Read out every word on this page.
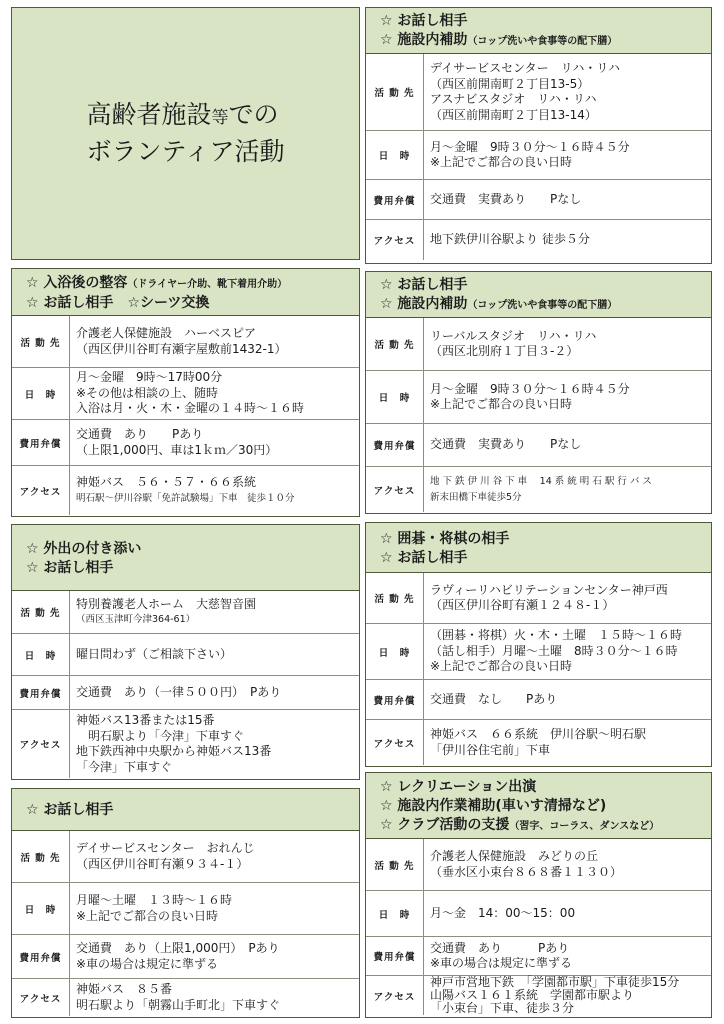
高齢者施設等での
ボランティア活動
☆ お話し相手
☆ 施設内補助（コップ洗いや食事等の配下膳）
活 動 先
デイサービスセンター　リハ・リハ
（西区前開南町２丁目13-5）
アスナビスタジオ　リハ・リハ
（西区前開南町２丁目13-14）
日　時
月～金曜　9時３０分～１６時４５分
※上記でご都合の良い日時
費用弁償	交通費　実費あり　　Pなし
アクセス	地下鉄伊川谷駅より 徒歩５分
☆ 入浴後の整容（ドライヤー介助、靴下着用介助）
☆ お話し相手　☆シーツ交換
活 動 先
介護老人保健施設　ハーベスピア
（西区伊川谷町有瀬字屋敷前1432-1）
日　時
月～金曜　9時～17時00分
※その他は相談の上、随時
入浴は月・火・木・金曜の１４時～１６時
費用弁償
交通費　あり　　Pあり
（上限1,000円、車は1ｋｍ／30円）
アクセス
神姫バス　５６・５７・６６系統
明石駅～伊川谷駅「免許試験場」下車　徒歩１０分
☆ お話し相手
☆ 施設内補助（コップ洗いや食事等の配下膳）
活 動 先
リーバルスタジオ　リハ・リハ
（西区北別府１丁目３-２）
日　時
月～金曜　9時３０分～１６時４５分
※上記でご都合の良い日時
費用弁償	交通費　実費あり　　Pなし
アクセス
地 下 鉄 伊 川 谷 下 車　 14 系 統 明 石 駅 行 バ ス
新末田橋下車徒歩5分
☆ 外出の付き添い
☆ お話し相手
活 動 先
特別養護老人ホーム　大慈智音園
（西区玉津町今津364-61）
日　時	曜日問わず（ご相談下さい）
費用弁償	交通費　あり（一律５００円）　Pあり
アクセス
神姫バス13番または15番
　明石駅より「今津」下車すぐ
地下鉄西神中央駅から神姫バス13番
「今津」下車すぐ
☆ 囲碁・将棋の相手
☆ お話し相手
活 動 先
ラヴィーリハビリテーションセンター神戸西
（西区伊川谷町有瀬１２４８-１）
日　時
（囲碁・将棋）火・木・土曜　１５時～１６時
（話し相手）月曜～土曜　8時３０分～１６時
※上記でご都合の良い日時
費用弁償	交通費　なし　　Pあり
アクセス
神姫バス　６６系統　伊川谷駅～明石駅
「伊川谷住宅前」下車
☆ お話し相手
活 動 先
デイサービスセンター　おれんじ
（西区伊川谷町有瀬９３４-１）
日　時
月曜～土曜　１３時～１６時
※上記でご都合の良い日時
費用弁償
交通費　あり（上限1,000円）　Pあり
※車の場合は規定に準ずる
アクセス
神姫バス　８５番
明石駅より「朝霧山手町北」下車すぐ
☆ レクリエーション出演
☆ 施設内作業補助(車いす清掃など)
☆ クラブ活動の支援（習字、コーラス、ダンスなど）
活 動 先
介護老人保健施設　みどりの丘
（垂水区小束台８６８番１１３０）
日　時	月～金　14：00～15：00
費用弁償
交通費　あり　　　Pあり
※車の場合は規定に準ずる
アクセス
神戸市営地下鉄　「学園都市駅」下車徒歩15分
山陽バス１６１系統　学園都市駅より
「小束台」下車、徒歩３分
